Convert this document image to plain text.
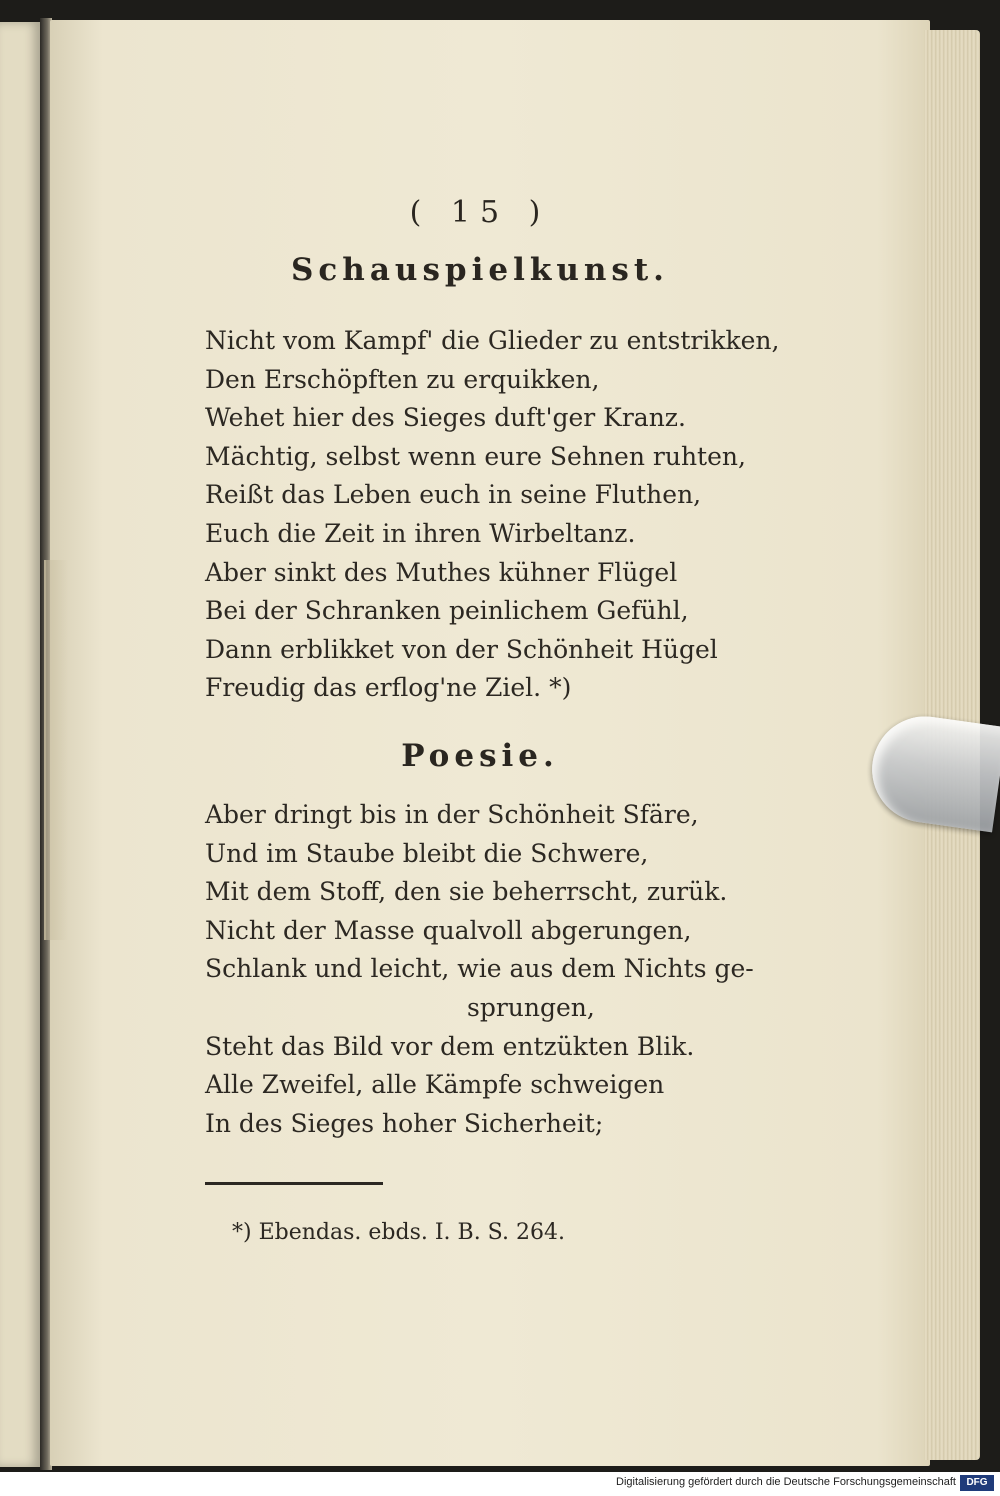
( 15 )
Schauspielkunst.
Nicht vom Kampf' die Glieder zu entstrikken,
Den Erschöpften zu erquikken,
Wehet hier des Sieges duft'ger Kranz.
Mächtig, selbst wenn eure Sehnen ruhten,
Reißt das Leben euch in seine Fluthen,
Euch die Zeit in ihren Wirbeltanz.
Aber sinkt des Muthes kühner Flügel
Bei der Schranken peinlichem Gefühl,
Dann erblikket von der Schönheit Hügel
Freudig das erflog'ne Ziel. *)
Poesie.
Aber dringt bis in der Schönheit Sfäre,
Und im Staube bleibt die Schwere,
Mit dem Stoff, den sie beherrscht, zurük.
Nicht der Masse qualvoll abgerungen,
Schlank und leicht, wie aus dem Nichts ge-
sprungen,
Steht das Bild vor dem entzükten Blik.
Alle Zweifel, alle Kämpfe schweigen
In des Sieges hoher Sicherheit;
*) Ebendas. ebds. I. B. S. 264.
Digitalisierung gefördert durch die Deutsche Forschungsgemeinschaft	DFG
